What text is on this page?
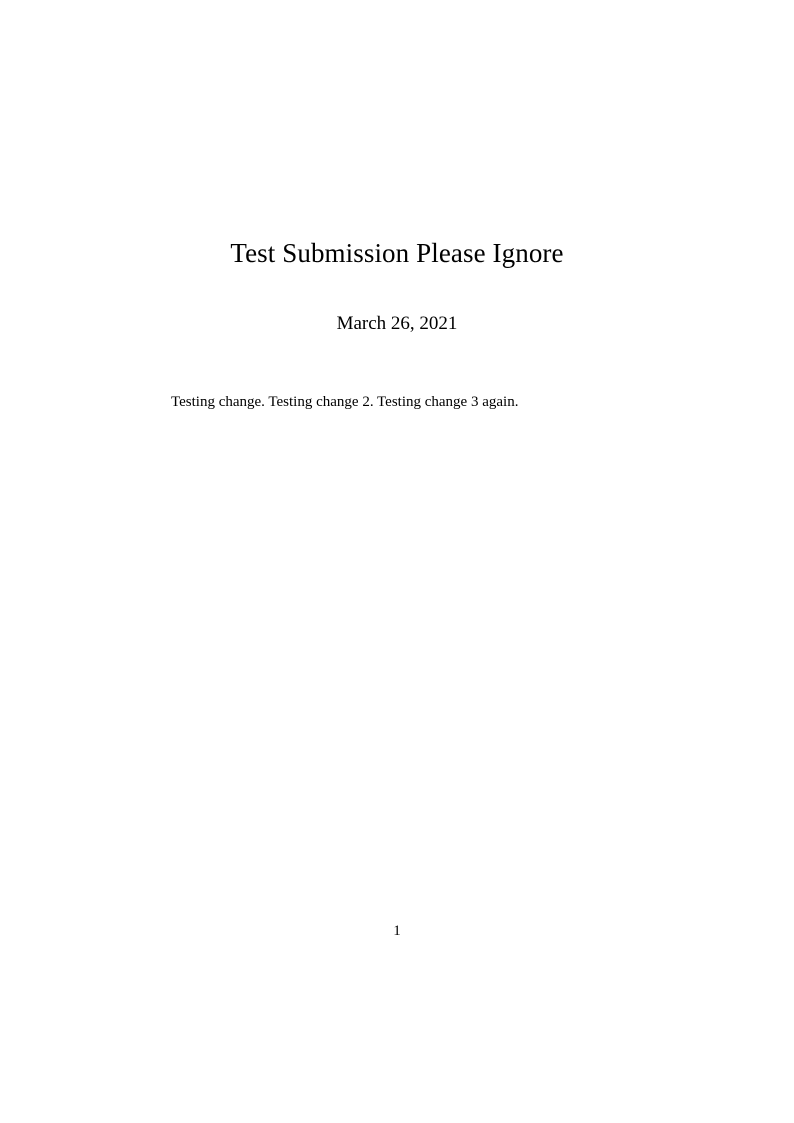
Test Submission Please Ignore
March 26, 2021

Testing change. Testing change 2. Testing change 3 again.

1
